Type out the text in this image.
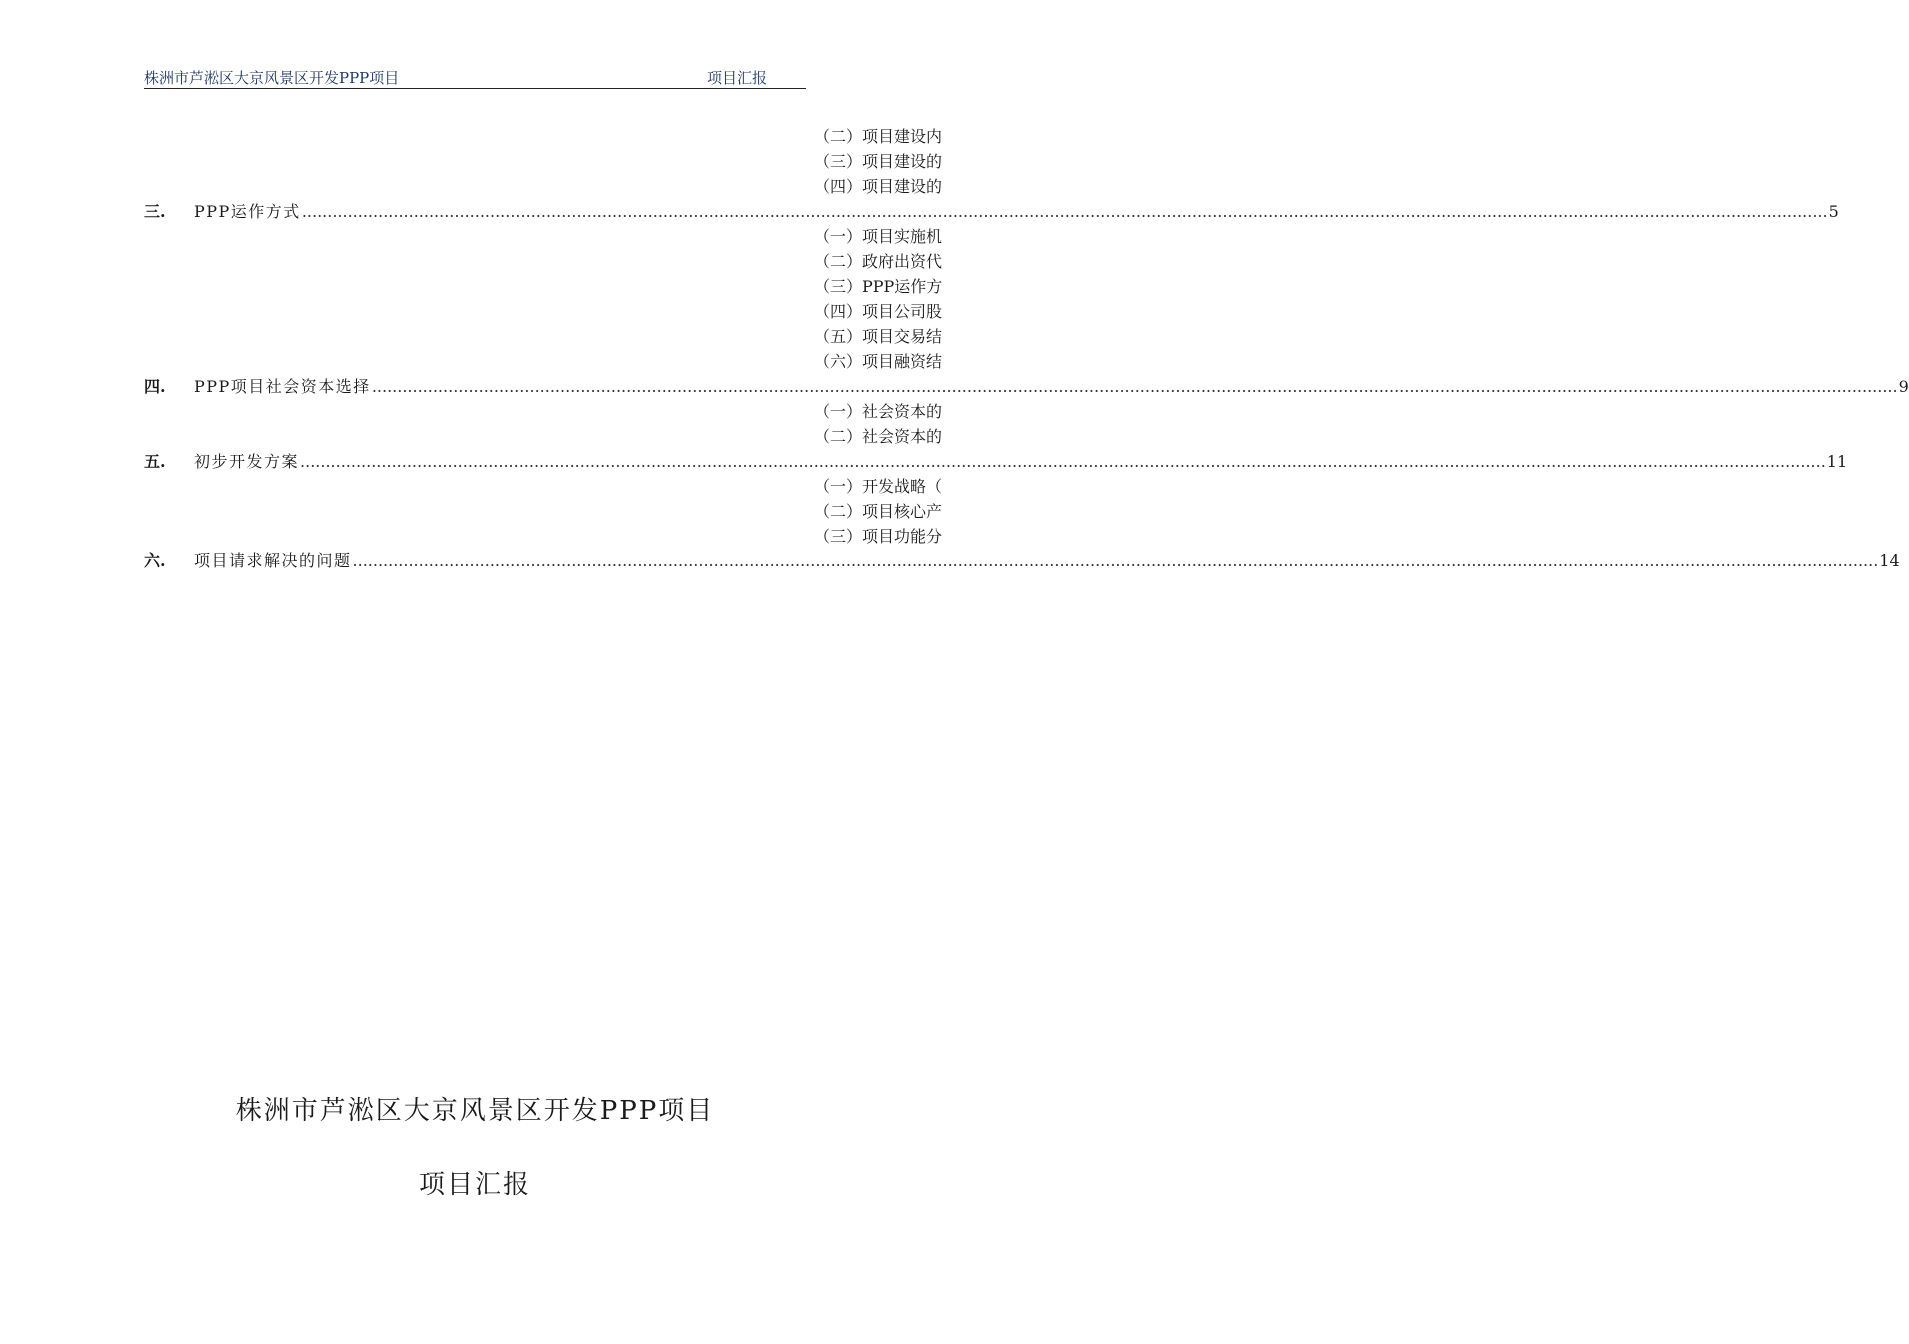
株洲市芦淞区大京风景区开发PPP项目	项目汇报
（二）项目建设内
（三）项目建设的
（四）项目建设的
三.	PPP运作方式 ............................................................................................................................................................................................................................................................................................................ 5
（一）项目实施机
（二）政府出资代
（三）PPP运作方
（四）项目公司股
（五）项目交易结
（六）项目融资结
四.	PPP项目社会资本选择 ............................................................................................................................................................................................................................................................................................................ 9
（一）社会资本的
（二）社会资本的
五.	初步开发方案 ............................................................................................................................................................................................................................................................................................................ 11
（一）开发战略（
（二）项目核心产
（三）项目功能分
六.	项目请求解决的问题 ............................................................................................................................................................................................................................................................................................................ 14
株洲市芦淞区大京风景区开发PPP项目
项目汇报
